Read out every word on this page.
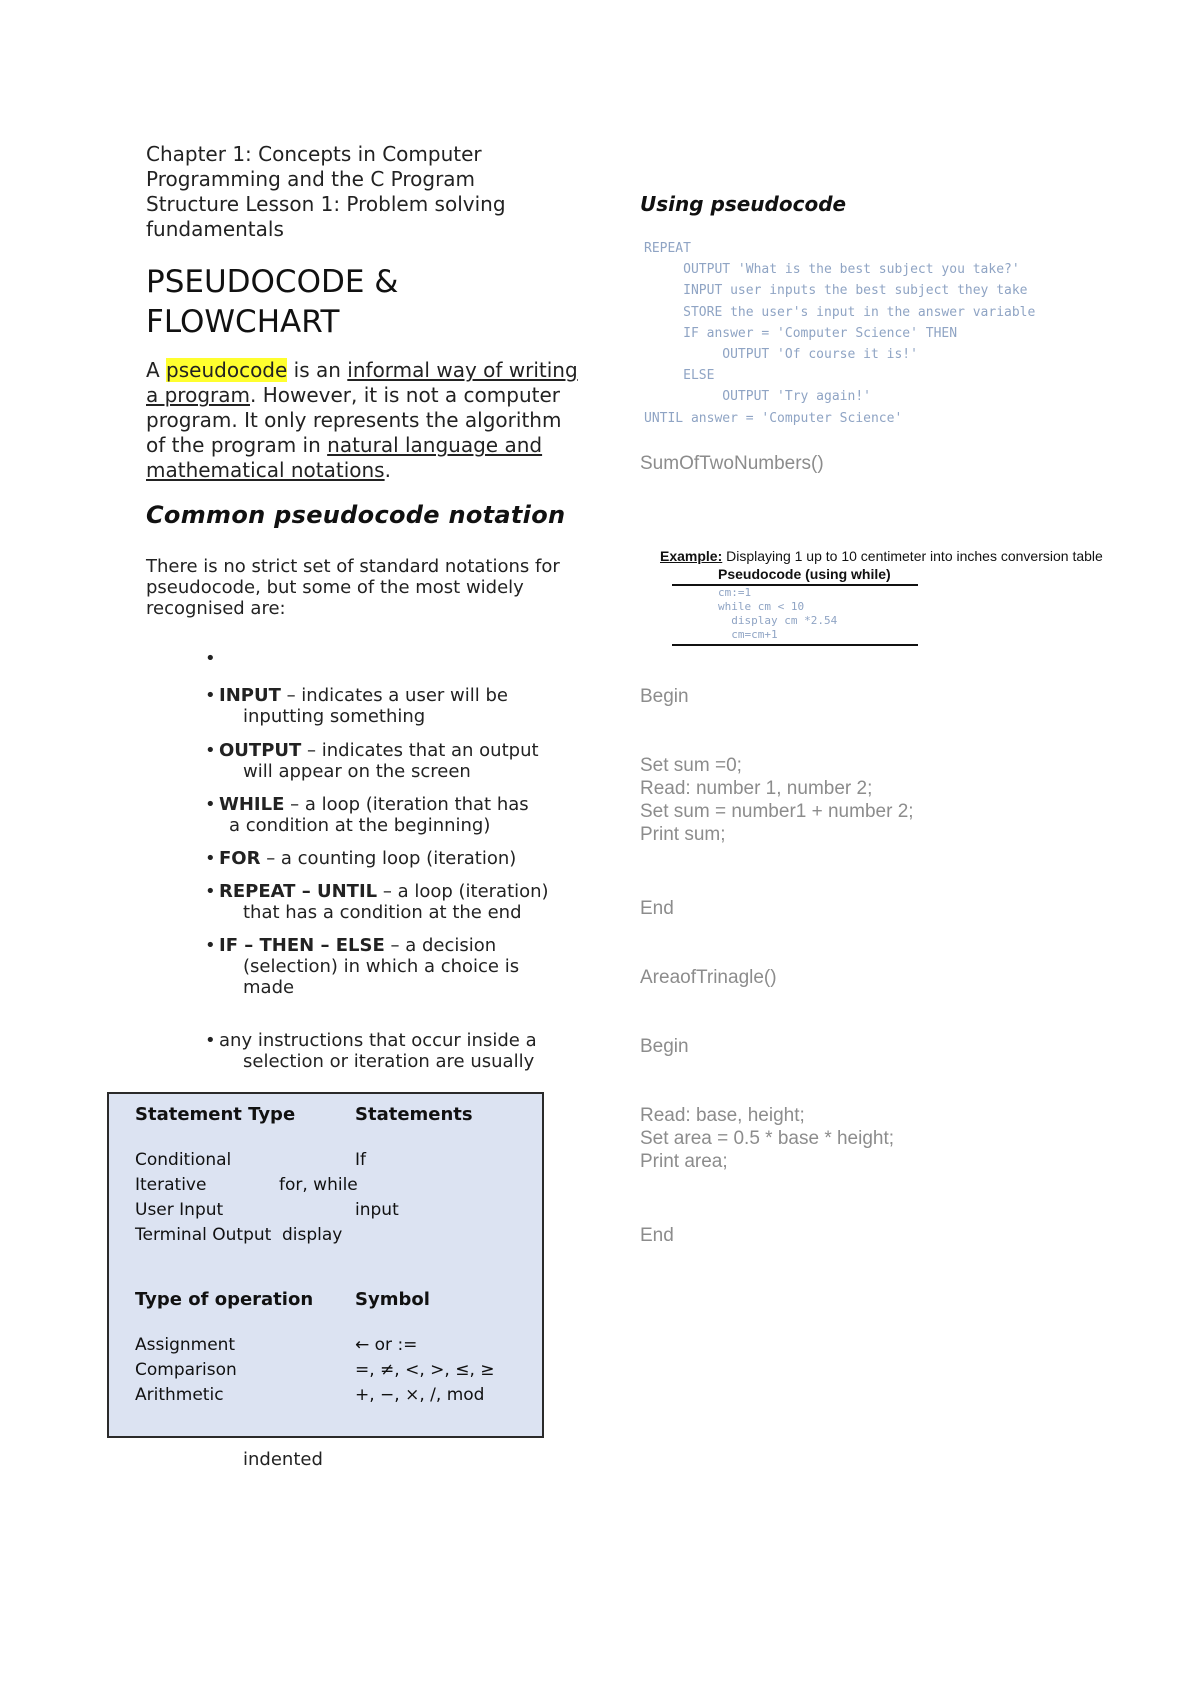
Chapter 1: Concepts in Computer Programming and the C Program Structure Lesson 1: Problem solving fundamentals
PSEUDOCODE & FLOWCHART
A pseudocode is an informal way of writing a program. However, it is not a computer program. It only represents the algorithm of the program in natural language and mathematical notations.
Common pseudocode notation
There is no strict set of standard notations for pseudocode, but some of the most widely recognised are:
•
• INPUT – indicates a user will be
inputting something
• OUTPUT – indicates that an output
will appear on the screen
• WHILE – a loop (iteration that has
a condition at the beginning)
• FOR – a counting loop (iteration)
• REPEAT – UNTIL – a loop (iteration)
that has a condition at the end
• IF – THEN – ELSE – a decision
(selection) in which a choice is made
• any instructions that occur inside a
selection or iteration are usually
Statement Type	Statements
Conditional	If
Iterative	for, while
User Input	input
Terminal Output display
Type of operation Symbol
Assignment	← or :=
Comparison	=, ≠, <, >, ≤, ≥
Arithmetic	+, −, ×, /, mod
indented
Using pseudocode
REPEAT
OUTPUT 'What is the best subject you take?'
INPUT user inputs the best subject they take
STORE the user's input in the answer variable
IF answer = 'Computer Science' THEN
OUTPUT 'Of course it is!'
ELSE
OUTPUT 'Try again!'
UNTIL answer = 'Computer Science'
SumOfTwoNumbers()
Example: Displaying 1 up to 10 centimeter into inches conversion table
Pseudocode (using while)
cm:=1
while cm < 10
display cm *2.54
cm=cm+1
Begin
Set sum =0;
Read: number 1, number 2;
Set sum = number1 + number 2;
Print sum;
End
AreaofTrinagle()
Begin
Read: base, height;
Set area = 0.5 * base * height;
Print area;
End
